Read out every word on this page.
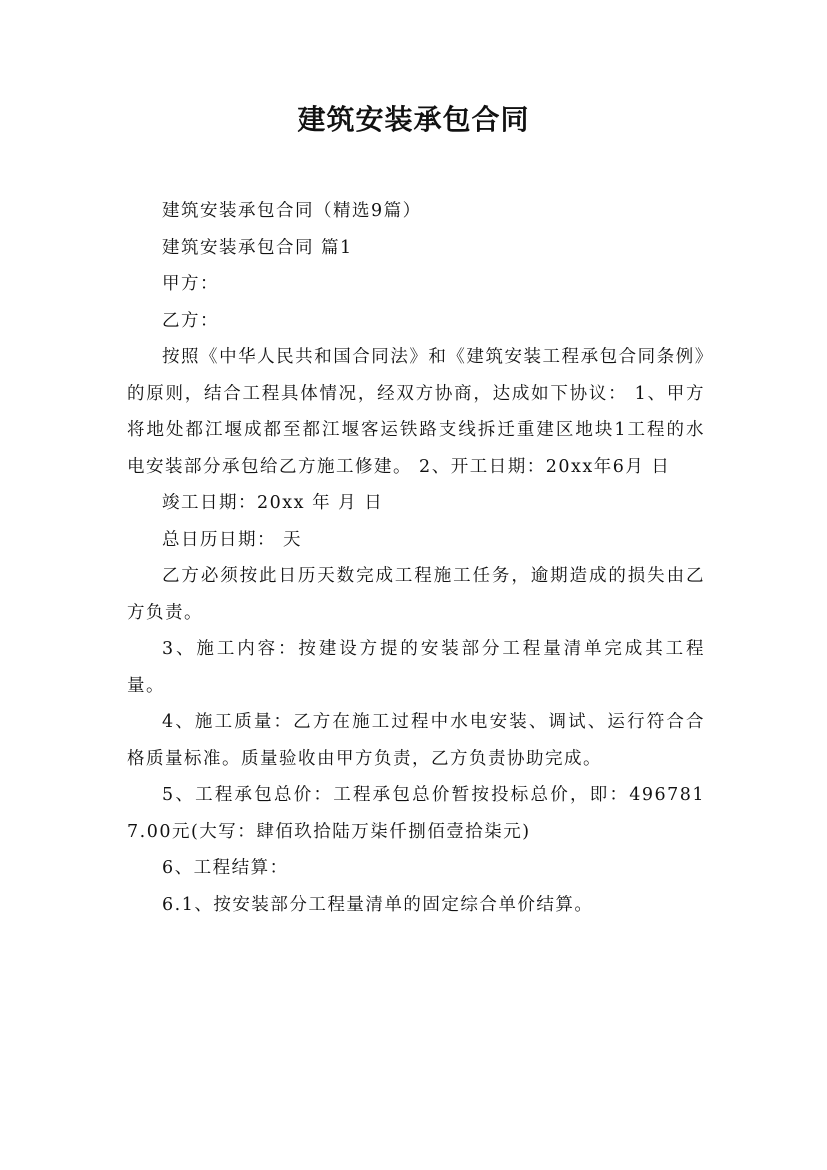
建筑安装承包合同

建筑安装承包合同（精选9篇）

建筑安装承包合同 篇1

甲方：

乙方：

按照《中华人民共和国合同法》和《建筑安装工程承包合同条例》的原则，结合工程具体情况，经双方协商，达成如下协议： 1、甲方将地处都江堰成都至都江堰客运铁路支线拆迁重建区地块1工程的水电安装部分承包给乙方施工修建。 2、开工日期：20xx年6月 日

竣工日期：20xx 年 月 日

总日历日期： 天

乙方必须按此日历天数完成工程施工任务，逾期造成的损失由乙方负责。

3、施工内容：按建设方提的安装部分工程量清单完成其工程量。

4、施工质量：乙方在施工过程中水电安装、调试、运行符合合格质量标准。质量验收由甲方负责，乙方负责协助完成。

5、工程承包总价：工程承包总价暂按投标总价，即：4967817.00元(大写：肆佰玖拾陆万柒仟捌佰壹拾柒元)

6、工程结算：

6.1、按安装部分工程量清单的固定综合单价结算。
